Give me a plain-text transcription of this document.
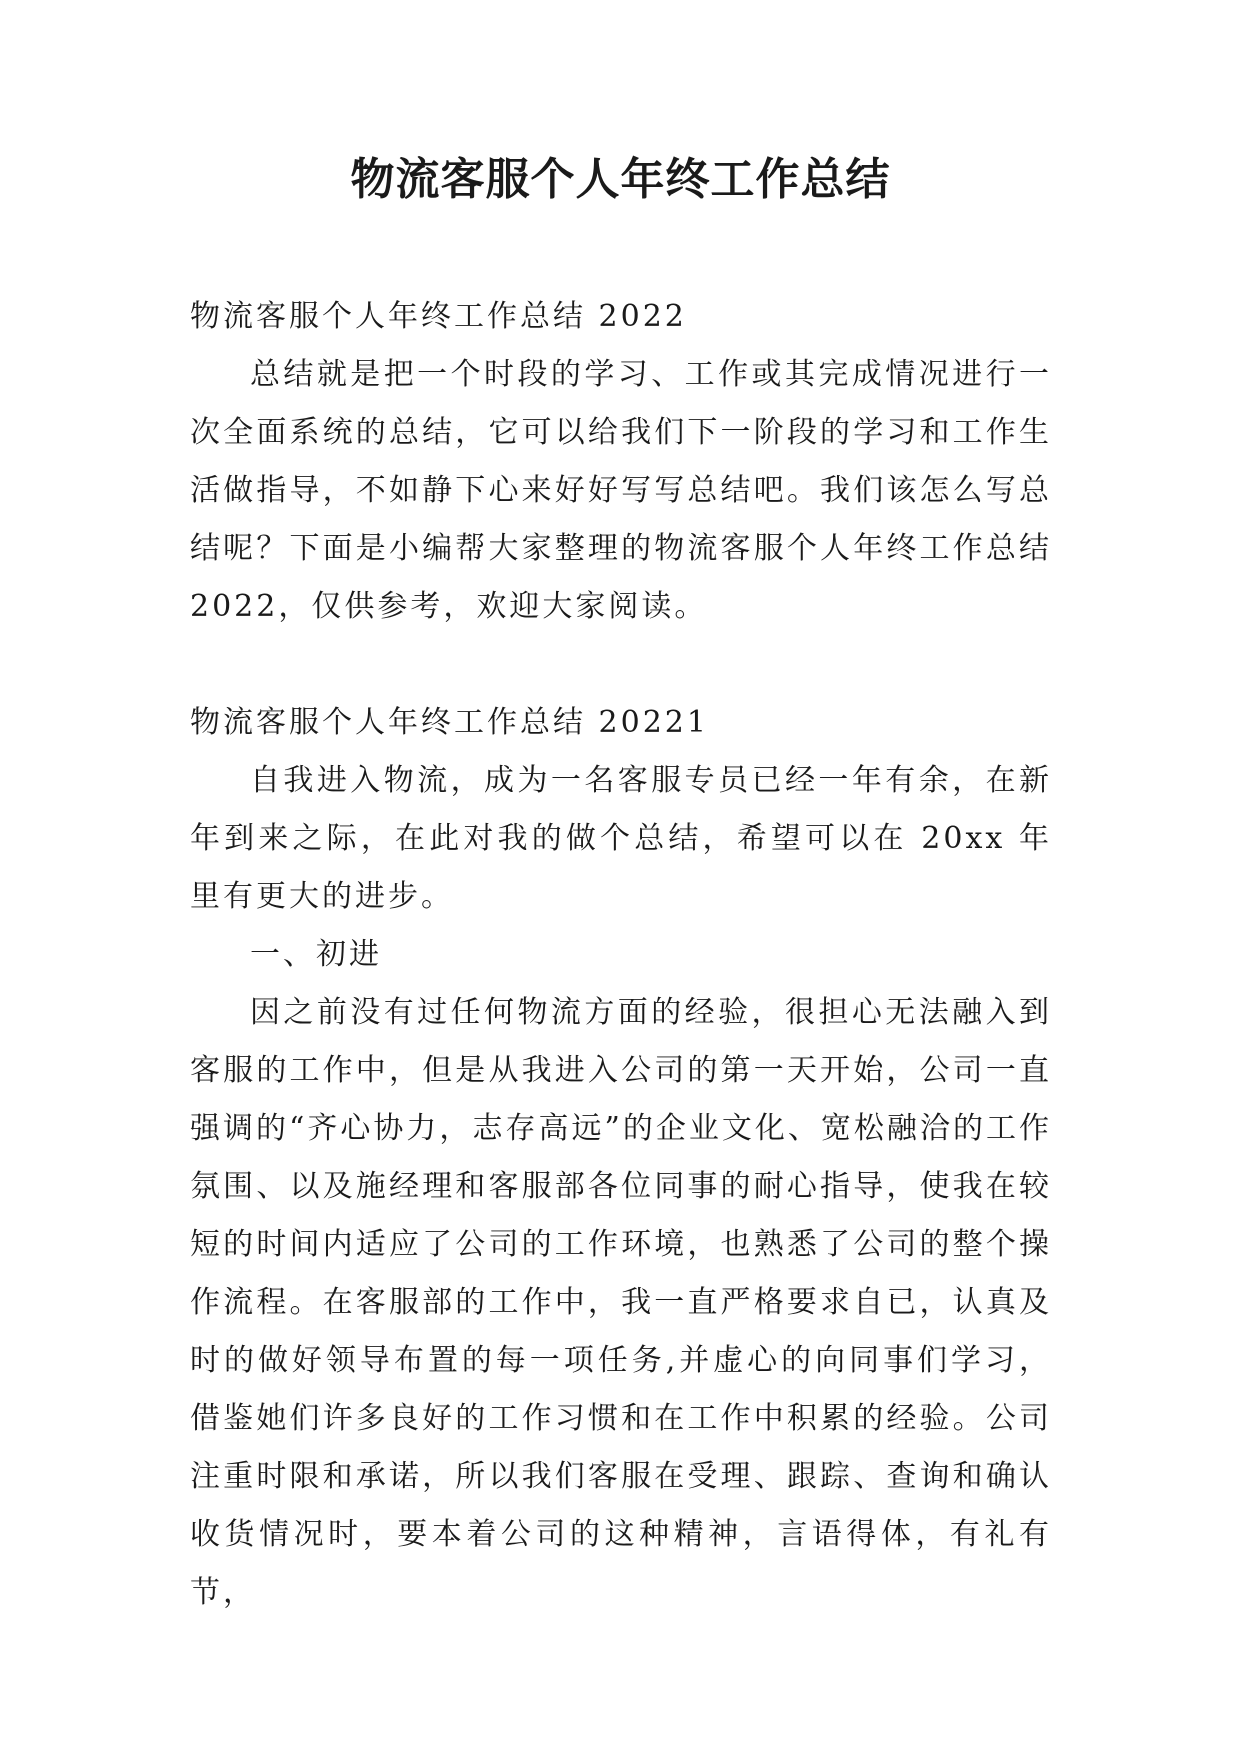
物流客服个人年终工作总结

物流客服个人年终工作总结 2022

总结就是把一个时段的学习、工作或其完成情况进行一次全面系统的总结，它可以给我们下一阶段的学习和工作生活做指导，不如静下心来好好写写总结吧。我们该怎么写总结呢？下面是小编帮大家整理的物流客服个人年终工作总结 2022，仅供参考，欢迎大家阅读。

物流客服个人年终工作总结 20221

自我进入物流，成为一名客服专员已经一年有余，在新年到来之际，在此对我的做个总结，希望可以在 20xx 年里有更大的进步。

一、初进

因之前没有过任何物流方面的经验，很担心无法融入到客服的工作中，但是从我进入公司的第一天开始，公司一直强调的“齐心协力，志存高远”的企业文化、宽松融洽的工作氛围、以及施经理和客服部各位同事的耐心指导，使我在较短的时间内适应了公司的工作环境，也熟悉了公司的整个操作流程。在客服部的工作中，我一直严格要求自已，认真及时的做好领导布置的每一项任务,并虚心的向同事们学习，借鉴她们许多良好的工作习惯和在工作中积累的经验。公司注重时限和承诺，所以我们客服在受理、跟踪、查询和确认收货情况时，要本着公司的这种精神，言语得体，有礼有节，
